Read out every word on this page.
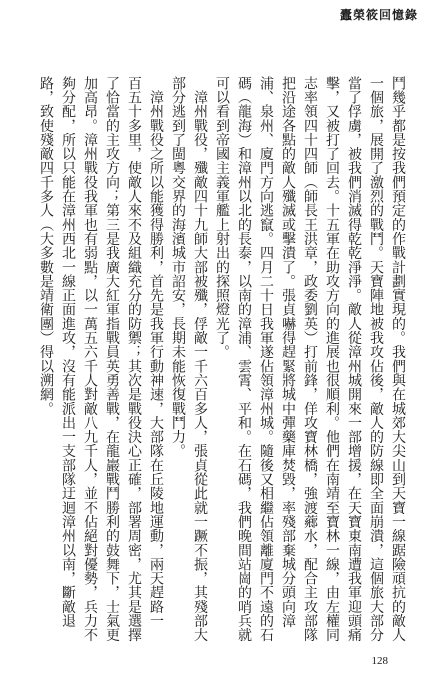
蠹榮筱回憶錄
鬥幾乎都是按我們預定的作戰計劃實現的。我們與在城郊大尖山到天寶一線踞險頑抗的敵人
一個旅，展開了激烈的戰鬥。天寶陣地被我攻佔後，敵人的防線即全面崩潰，這個旅大部分
當了俘虜，被我們消滅得乾乾淨淨。敵人從漳州城開來一部增援，在天寶東南遭我軍迎頭痛
擊，又被打了回去。十五軍在助攻方向的進展也很順利。他們在南靖至寶林一線，由左權同
志率領四十四師（師長王洪章，政委劉英）打前鋒，佯攻寶林橋，強渡薌水，配合主攻部隊
把沿途各點的敵人殲滅或擊潰了。張貞嚇得趕緊將城中彈藥庫焚毀，率殘部棄城分頭向漳
浦、泉州、廈門方向逃竄。四月二十日我軍遂佔領漳州城。隨後又相繼佔領離廈門不遠的石
碼（龍海）和漳州以北的長泰，以南的漳浦、雲霄、平和。在石碼，我們晚間站崗的哨兵就
可以看到帝國主義軍艦上射出的探照燈光了。
　漳州戰役，殲敵四十九師大部被殲，俘敵一千六百多人，張貞從此就一蹶不振，其殘部大
部分逃到了閩粵交界的海濱城市詔安，長期未能恢復戰鬥力。
　漳州戰役之所以能獲得勝利，首先是我軍行動神速，大部隊在丘陵地運動，兩天趕路一
百五十多里，使敵人來不及組織充分的防禦；其次是戰役決心正確，部署周密，尤其是選擇
了恰當的主攻方向；第三是我廣大紅軍指戰員英勇善戰，在龍巖戰鬥勝利的鼓舞下，士氣更
加高昂。漳州戰役我軍也有弱點，以一萬五六千人對敵八九千人，並不佔絕對優勢，兵力不
夠分配，所以只能在漳州西北一線正面進攻，沒有能派出一支部隊迂迴漳州以南，斷敵退
路，致使殘敵四千多人（大多數是靖衛團）得以溯網。
128
